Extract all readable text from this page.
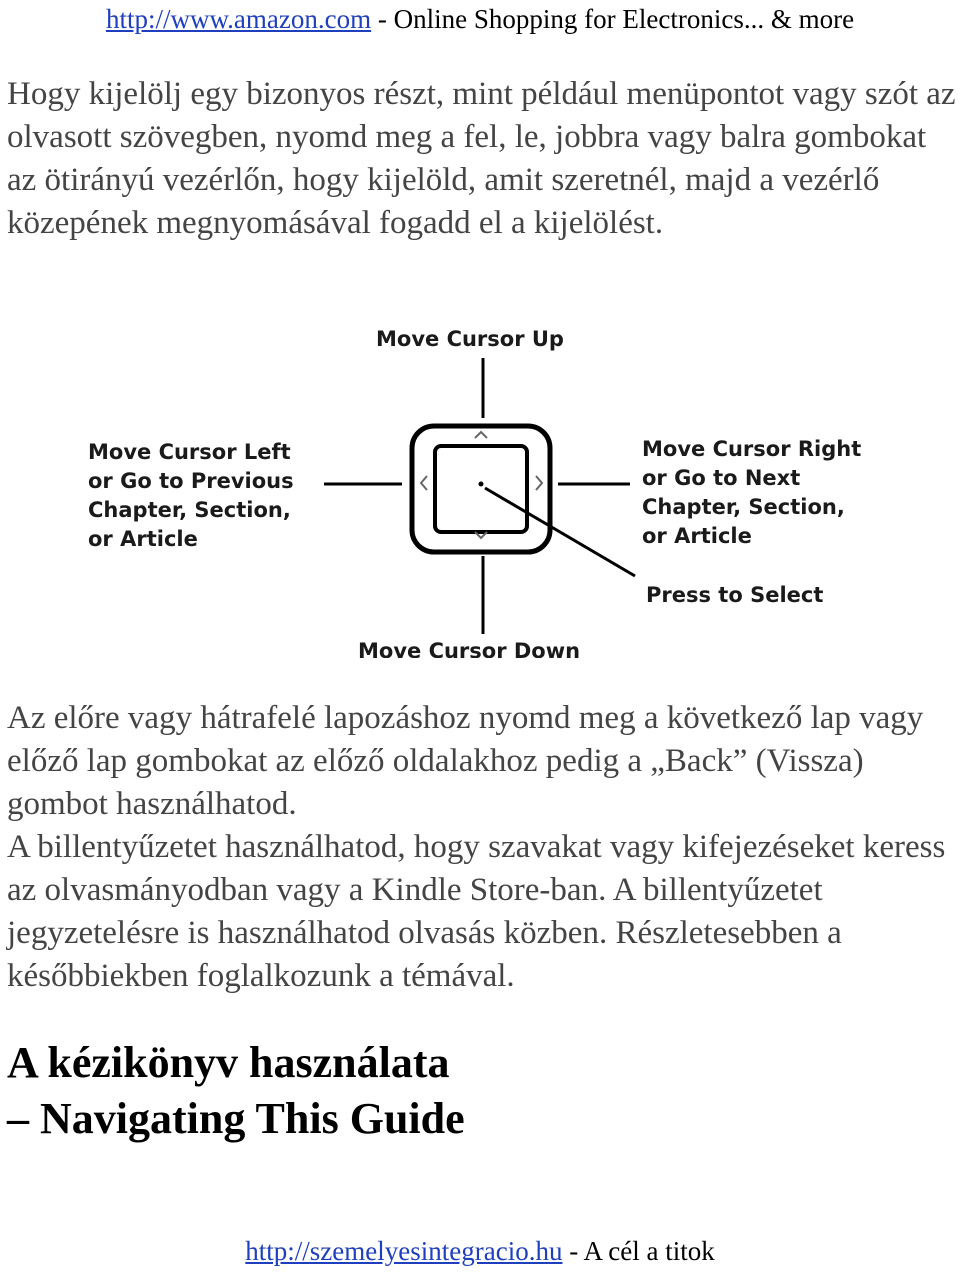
http://www.amazon.com - Online Shopping for Electronics... & more
Hogy kijelölj egy bizonyos részt, mint például menüpontot vagy szót az olvasott szövegben, nyomd meg a fel, le, jobbra vagy balra gombokat az ötirányú vezérlőn, hogy kijelöld, amit szeretnél, majd a vezérlő közepének megnyomásával fogadd el a kijelölést.
Move Cursor Up
Move Cursor Left or Go to Previous Chapter, Section, or Article
Move Cursor Right or Go to Next Chapter, Section, or Article
Press to Select
Move Cursor Down

Az előre vagy hátrafelé lapozáshoz nyomd meg a következő lap vagy előző lap gombokat az előző oldalakhoz pedig a „Back” (Vissza) gombot használhatod.

A billentyűzetet használhatod, hogy szavakat vagy kifejezéseket keress az olvasmányodban vagy a Kindle Store-ban. A billentyűzetet jegyzetelésre is használhatod olvasás közben. Részletesebben a későbbiekben foglalkozunk a témával.

A kézikönyv használata
– Navigating This Guide
http://szemelyesintegracio.hu - A cél a titok
